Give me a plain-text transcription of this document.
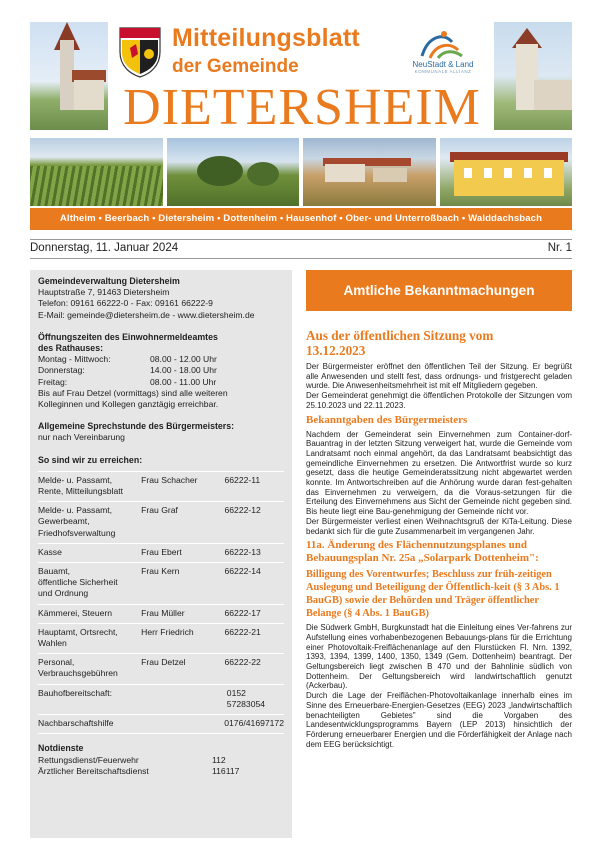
Mitteilungsblatt
der Gemeinde	NeuStadt & Land
KOMMUNALE ALLIANZ
DIETERSHEIM
Altheim • Beerbach • Dietersheim • Dottenheim • Hausenhof • Ober- und Unterroßbach • Walddachsbach
Donnerstag, 11. Januar 2024	Nr. 1
Gemeindeverwaltung Dietersheim
Hauptstraße 7, 91463 Dietersheim
Telefon: 09161 66222-0 - Fax: 09161 66222-9
E-Mail: gemeinde@dietersheim.de - www.dietersheim.de
Öffnungszeiten des Einwohnermeldeamtes
des Rathauses:
Montag - Mittwoch:	08.00 - 12.00 Uhr
Donnerstag:	14.00 - 18.00 Uhr
Freitag:	08.00 - 11.00 Uhr
Bis auf Frau Detzel (vormittags) sind alle weiteren
Kolleginnen und Kollegen ganztägig erreichbar.
Allgemeine Sprechstunde des Bürgermeisters:
nur nach Vereinbarung
So sind wir zu erreichen:
Melde- u. Passamt,
Rente, Mitteilungsblatt
Frau Schacher	66222-11
Melde- u. Passamt,
Gewerbeamt,
Friedhofsverwaltung
Frau Graf	66222-12
Kasse	Frau Ebert	66222-13
Bauamt,
öffentliche Sicherheit
und Ordnung
Frau Kern	66222-14
Kämmerei, Steuern	Frau Müller	66222-17
Hauptamt, Ortsrecht,
Wahlen
Herr Friedrich	66222-21
Personal,
Verbrauchsgebühren
Frau Detzel	66222-22
Bauhofbereitschaft:	0152 57283054
Nachbarschaftshilfe	0176/41697172
Notdienste
Rettungsdienst/Feuerwehr	112
Ärztlicher Bereitschaftsdienst	116117
Amtliche Bekanntmachungen
Aus der öffentlichen Sitzung vom
13.12.2023
Der Bürgermeister eröffnet den öffentlichen Teil der Sitzung. Er begrüßt alle Anwesenden und stellt fest, dass ordnungs- und fristgerecht geladen wurde. Die Anwesenheitsmehrheit ist mit elf Mitgliedern gegeben.
Der Gemeinderat genehmigt die öffentlichen Protokolle der Sitzungen vom 25.10.2023 und 22.11.2023.
Bekanntgaben des Bürgermeisters
Nachdem der Gemeinderat sein Einvernehmen zum Container-dorf-Bauantrag in der letzten Sitzung verweigert hat, wurde die Gemeinde vom Landratsamt noch einmal angehört, da das Landratsamt beabsichtigt das gemeindliche Einvernehmen zu ersetzen. Die Antwortfrist wurde so kurz gesetzt, dass die heutige Gemeinderatssitzung nicht abgewartet werden konnte. Im Antwortschreiben auf die Anhörung wurde daran fest-gehalten das Einvernehmen zu verweigern, da die Voraus-setzungen für die Erteilung des Einvernehmens aus Sicht der Gemeinde nicht gegeben sind. Bis heute liegt eine Bau-genehmigung der Gemeinde nicht vor.
Der Bürgermeister verliest einen Weihnachtsgruß der KiTa-Leitung. Diese bedankt sich für die gute Zusammenarbeit im vergangenen Jahr.
11a. Änderung des Flächennutzungsplanes und Bebauungsplan Nr. 25a „Solarpark Dottenheim":
Billigung des Vorentwurfes; Beschluss zur früh-zeitigen Auslegung und Beteiligung der Öffentlich-keit (§ 3 Abs. 1 BauGB) sowie der Behörden und Träger öffentlicher Belange (§ 4 Abs. 1 BauGB)
Die Südwerk GmbH, Burgkunstadt hat die Einleitung eines Ver-fahrens zur Aufstellung eines vorhabenbezogenen Bebauungs-plans für die Errichtung einer Photovoltaik-Freiflächenanlage auf den Flurstücken Fl. Nrn. 1392, 1393, 1394, 1399, 1400, 1350, 1349 (Gem. Dottenheim) beantragt. Der Geltungsbereich liegt zwischen B 470 und der Bahnlinie südlich von Dottenheim. Der Geltungsbereich wird landwirtschaftlich genutzt (Ackerbau).
Durch die Lage der Freiflächen-Photovoltaikanlage innerhalb eines im Sinne des Erneuerbare-Energien-Gesetzes (EEG) 2023 „landwirtschaftlich benachteiligten Gebietes" sind die Vorgaben des Landesentwicklungsprogramms Bayern (LEP 2013) hinsichtlich der Förderung erneuerbarer Energien und die Förderfähigkeit der Anlage nach dem EEG berücksichtigt.
